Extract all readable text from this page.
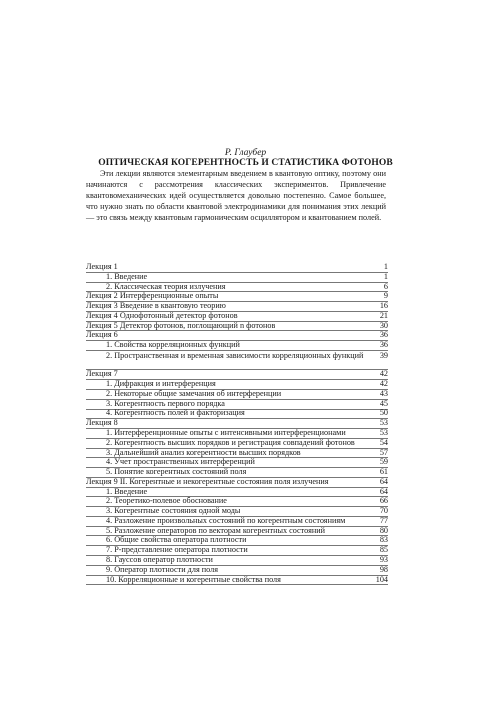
Р. Глаубер
ОПТИЧЕСКАЯ КОГЕРЕНТНОСТЬ И СТАТИСТИКА ФОТОНОВ

Эти лекции являются элементарным введением в квантовую оптику, поэтому они начинаются с рассмотрения классических экспериментов. Привлечение квантовомеханических идей осуществляется довольно постепенно. Самое большее, что нужно знать по области квантовой электродинамики для понимания этих лекций — это связь между квантовым гармоническим осциллятором и квантованием полей.

Лекция 1	1
1. Введение	1
2. Классическая теория излучения	6
Лекция 2 Интерференционные опыты	9
Лекция 3 Введение в квантовую теорию	16
Лекция 4 Однофотонный детектор фотонов	21
Лекция 5 Детектор фотонов, поглощающий n фотонов	30
Лекция 6	36
1. Свойства корреляционных функций	36
2. Пространственная и временная зависимости корреляционных функций	39
Лекция 7	42
1. Дифракция и интерференция	42
2. Некоторые общие замечания об интерференции	43
3. Когерентность первого порядка	45
4. Когерентность полей и факторизация	50
Лекция 8	53
1. Интерференционные опыты с интенсивными интерференционами	53
2. Когерентность высших порядков и регистрация совпадений фотонов	54
3. Дальнейший анализ когерентности высших порядков	57
4. Учет пространственных интерференций	59
5. Понятие когерентных состояний поля	61
Лекция 9 II. Когерентные и некогерентные состояния поля излучения	64
1. Введение	64
2. Теоретико-полевое обоснование	66
3. Когерентные состояния одной моды	70
4. Разложение произвольных состояний по когерентным состояниям	77
5. Разложение операторов по векторам когерентных состояний	80
6. Общие свойства оператора плотности	83
7. P-представление оператора плотности	85
8. Гауссов оператор плотности	93
9. Оператор плотности для поля	98
10. Корреляционные и когерентные свойства поля	104
